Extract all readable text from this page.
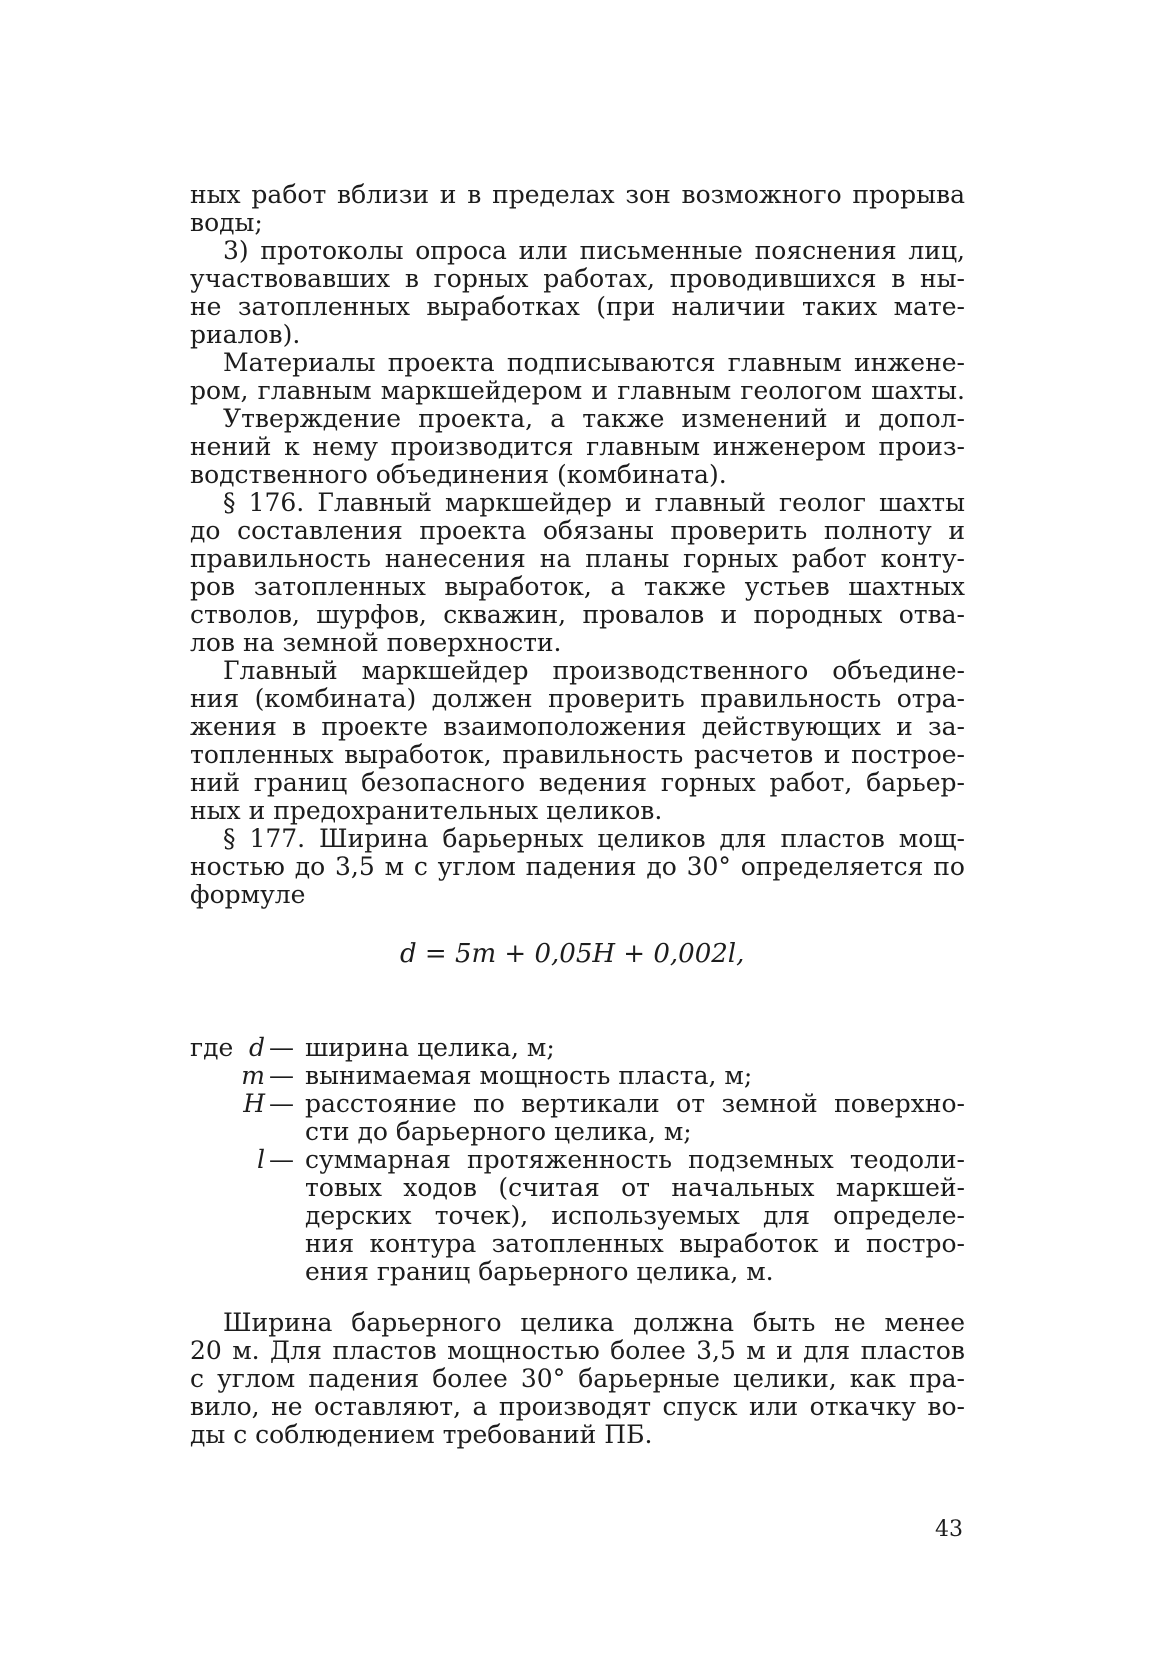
ных работ вблизи и в пределах зон возможного прорыва
воды;
3) протоколы опроса или письменные пояснения лиц,
участвовавших в горных работах, проводившихся в ны-
не затопленных выработках (при наличии таких мате-
риалов).
Материалы проекта подписываются главным инжене-
ром, главным маркшейдером и главным геологом шахты.
Утверждение проекта, а также изменений и допол-
нений к нему производится главным инженером произ-
водственного объединения (комбината).
§ 176. Главный маркшейдер и главный геолог шахты
до составления проекта обязаны проверить полноту и
правильность нанесения на планы горных работ конту-
ров затопленных выработок, а также устьев шахтных
стволов, шурфов, скважин, провалов и породных отва-
лов на земной поверхности.
Главный маркшейдер производственного объедине-
ния (комбината) должен проверить правильность отра-
жения в проекте взаимоположения действующих и за-
топленных выработок, правильность расчетов и построе-
ний границ безопасного ведения горных работ, барьер-
ных и предохранительных целиков.
§ 177. Ширина барьерных целиков для пластов мощ-
ностью до 3,5 м с углом падения до 30° определяется по
формуле
d = 5m + 0,05H + 0,002l,
где d — ширина целика, м;
m — вынимаемая мощность пласта, м;
H — расстояние по вертикали от земной поверхно-
сти до барьерного целика, м;
l — суммарная протяженность подземных теодоли-
товых ходов (считая от начальных маркшей-
дерских точек), используемых для определе-
ния контура затопленных выработок и постро-
ения границ барьерного целика, м.
Ширина барьерного целика должна быть не менее
20 м. Для пластов мощностью более 3,5 м и для пластов
с углом падения более 30° барьерные целики, как пра-
вило, не оставляют, а производят спуск или откачку во-
ды с соблюдением требований ПБ.
43
